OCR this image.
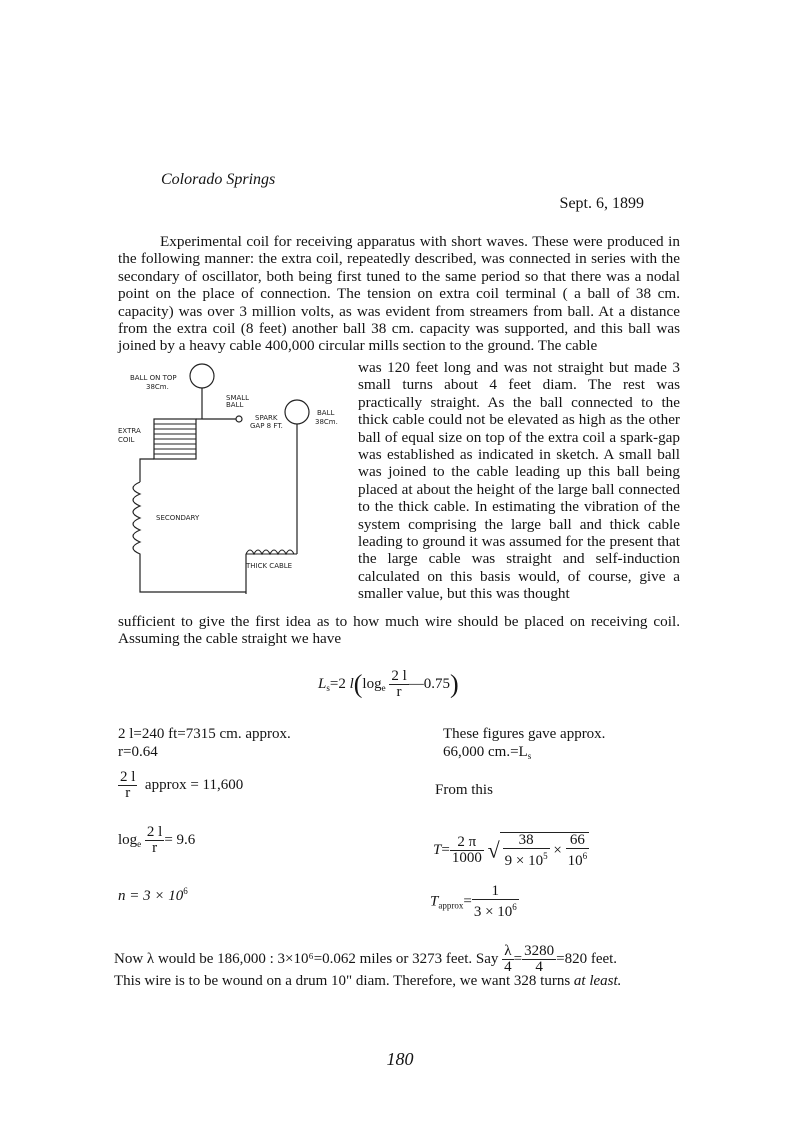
Colorado Springs
Sept. 6, 1899
Experimental coil for receiving apparatus with short waves. These were produced in the following manner: the extra coil, repeatedly described, was connected in series with the secondary of oscillator, both being first tuned to the same period so that there was a nodal point on the place of connection. The tension on extra coil terminal ( a ball of 38 cm. capacity) was over 3 million volts, as was evident from streamers from ball. At a distance from the extra coil (8 feet) another ball 38 cm. capacity was supported, and this ball was joined by a heavy cable 400,000 circular mills section to the ground. The cable
BALL ON TOP
38Cm.
SMALL
BALL
SPARK
GAP 8 FT.
BALL
38Cm.
EXTRA
COIL
SECONDARY
THICK CABLE
was 120 feet long and was not straight but made 3 small turns about 4 feet diam. The rest was practically straight. As the ball connected to the thick cable could not be elevated as high as the other ball of equal size on top of the extra coil a spark-gap was established as indicated in sketch. A small ball was joined to the cable leading up this ball being placed at about the height of the large ball connected to the thick cable. In estimating the vibration of the system comprising the large ball and thick cable leading to ground it was assumed for the present that the large cable was straight and self-induction calculated on this basis would, of course, give a smaller value, but this was thought
sufficient to give the first idea as to how much wire should be placed on receiving coil. Assuming the cable straight we have
$L_s=2$ $l(\log_e \frac{2 l}{r}$ —0.75)
2 l=240 ft=7315 cm. approx.
r=0.64
$\frac{2 l}{r}$ approx = 11,600
$\log_e \frac{2 l}{r} = 9.6$
$n = 3 \times 10^6$
These figures gave approx.
66,000 $cm.=L_s$
From this
$T= \frac{2 \pi}{1000}$ √ $\frac{38}{9 \times 10^5} \times \frac{66}{10^6}$
$T_{approx}= \frac{1}{3 \times 10^6}$
Now λ would be 186,000 : 3×10⁶=0.062 miles or 3273 feet. Say $\frac{\lambda}{4} = \frac{3280}{4} =820$ feet.
This wire is to be wound on a drum 10" diam. Therefore, we want 328 turns at least.
180
